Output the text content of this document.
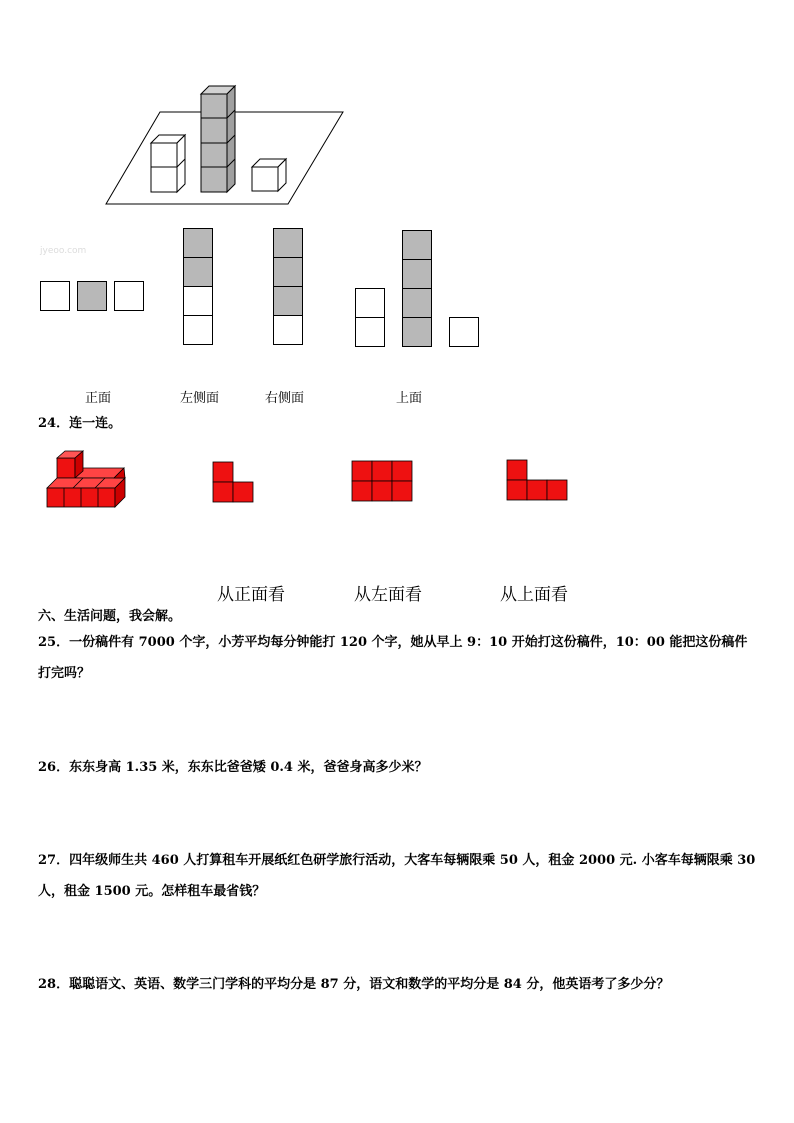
jyeoo.com
正面	左侧面	右侧面	上面
24．连一连。
从正面看	从左面看	从上面看
六、生活问题，我会解。
25．一份稿件有 7000 个字，小芳平均每分钟能打 120 个字，她从早上 9：10 开始打这份稿件，10：00 能把这份稿件
打完吗？
26．东东身高 1.35 米，东东比爸爸矮 0.4 米，爸爸身高多少米？
27．四年级师生共 460 人打算租车开展纸红色研学旅行活动，大客车每辆限乘 50 人，租金 2000 元. 小客车每辆限乘 30
人，租金 1500 元。怎样租车最省钱？
28．聪聪语文、英语、数学三门学科的平均分是 87 分，语文和数学的平均分是 84 分，他英语考了多少分？
